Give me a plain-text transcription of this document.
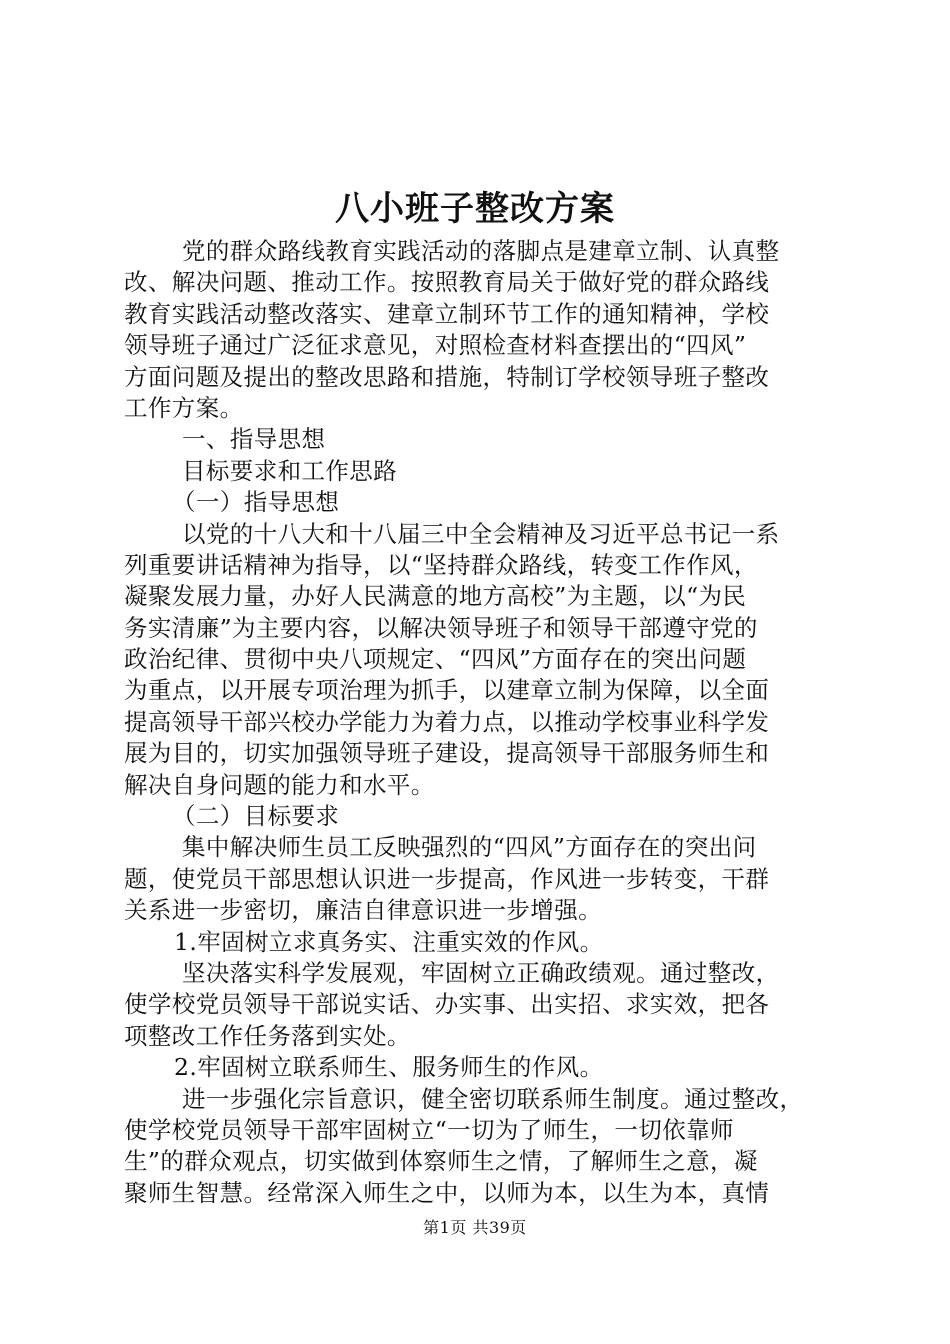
八小班子整改方案
党的群众路线教育实践活动的落脚点是建章立制、认真整
改、解决问题、推动工作。按照教育局关于做好党的群众路线
教育实践活动整改落实、建章立制环节工作的通知精神，学校
领导班子通过广泛征求意见，对照检查材料查摆出的“四风”
方面问题及提出的整改思路和措施，特制订学校领导班子整改
工作方案。
一、指导思想
目标要求和工作思路
（一）指导思想
以党的十八大和十八届三中全会精神及习近平总书记一系
列重要讲话精神为指导，以“坚持群众路线，转变工作作风，
凝聚发展力量，办好人民满意的地方高校”为主题，以“为民
务实清廉”为主要内容，以解决领导班子和领导干部遵守党的
政治纪律、贯彻中央八项规定、“四风”方面存在的突出问题
为重点，以开展专项治理为抓手，以建章立制为保障，以全面
提高领导干部兴校办学能力为着力点，以推动学校事业科学发
展为目的，切实加强领导班子建设，提高领导干部服务师生和
解决自身问题的能力和水平。
（二）目标要求
集中解决师生员工反映强烈的“四风”方面存在的突出问
题，使党员干部思想认识进一步提高，作风进一步转变，干群
关系进一步密切，廉洁自律意识进一步增强。
1.牢固树立求真务实、注重实效的作风。
坚决落实科学发展观，牢固树立正确政绩观。通过整改，
使学校党员领导干部说实话、办实事、出实招、求实效，把各
项整改工作任务落到实处。
2.牢固树立联系师生、服务师生的作风。
进一步强化宗旨意识，健全密切联系师生制度。通过整改，
使学校党员领导干部牢固树立“一切为了师生，一切依靠师
生”的群众观点，切实做到体察师生之情，了解师生之意，凝
聚师生智慧。经常深入师生之中，以师为本，以生为本，真情
第1页 共39页
